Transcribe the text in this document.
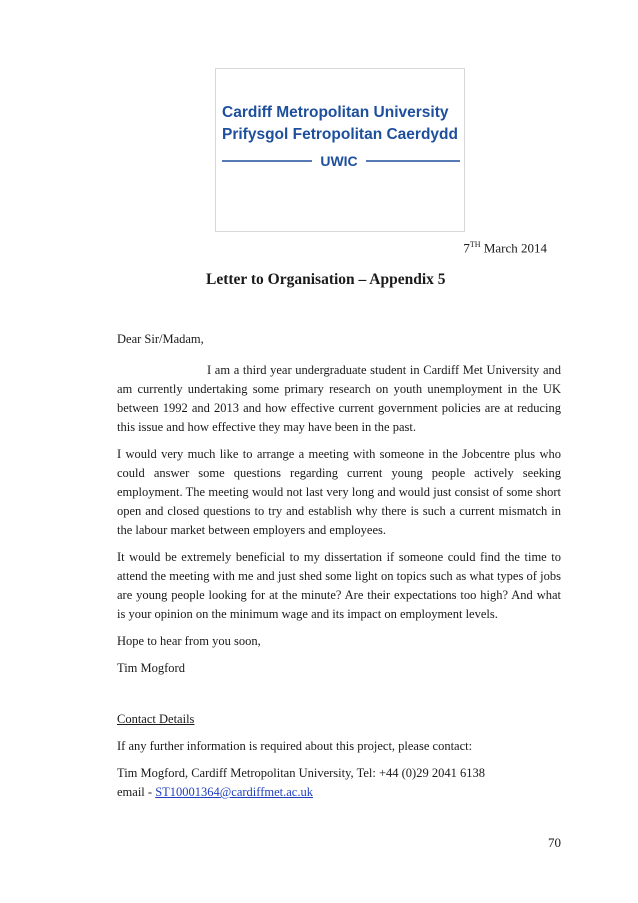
Cardiff Metropolitan University
Prifysgol Fetropolitan Caerdydd
UWIC
7TH March 2014
Letter to Organisation – Appendix 5

Dear Sir/Madam,

I am a third year undergraduate student in Cardiff Met University and am currently undertaking some primary research on youth unemployment in the UK between 1992 and 2013 and how effective current government policies are at reducing this issue and how effective they may have been in the past.

I would very much like to arrange a meeting with someone in the Jobcentre plus who could answer some questions regarding current young people actively seeking employment. The meeting would not last very long and would just consist of some short open and closed questions to try and establish why there is such a current mismatch in the labour market between employers and employees.

It would be extremely beneficial to my dissertation if someone could find the time to attend the meeting with me and just shed some light on topics such as what types of jobs are young people looking for at the minute? Are their expectations too high? And what is your opinion on the minimum wage and its impact on employment levels.

Hope to hear from you soon,

Tim Mogford

Contact Details

If any further information is required about this project, please contact:

Tim Mogford, Cardiff Metropolitan University, Tel: +44 (0)29 2041 6138

email - ST10001364@cardiffmet.ac.uk

70
